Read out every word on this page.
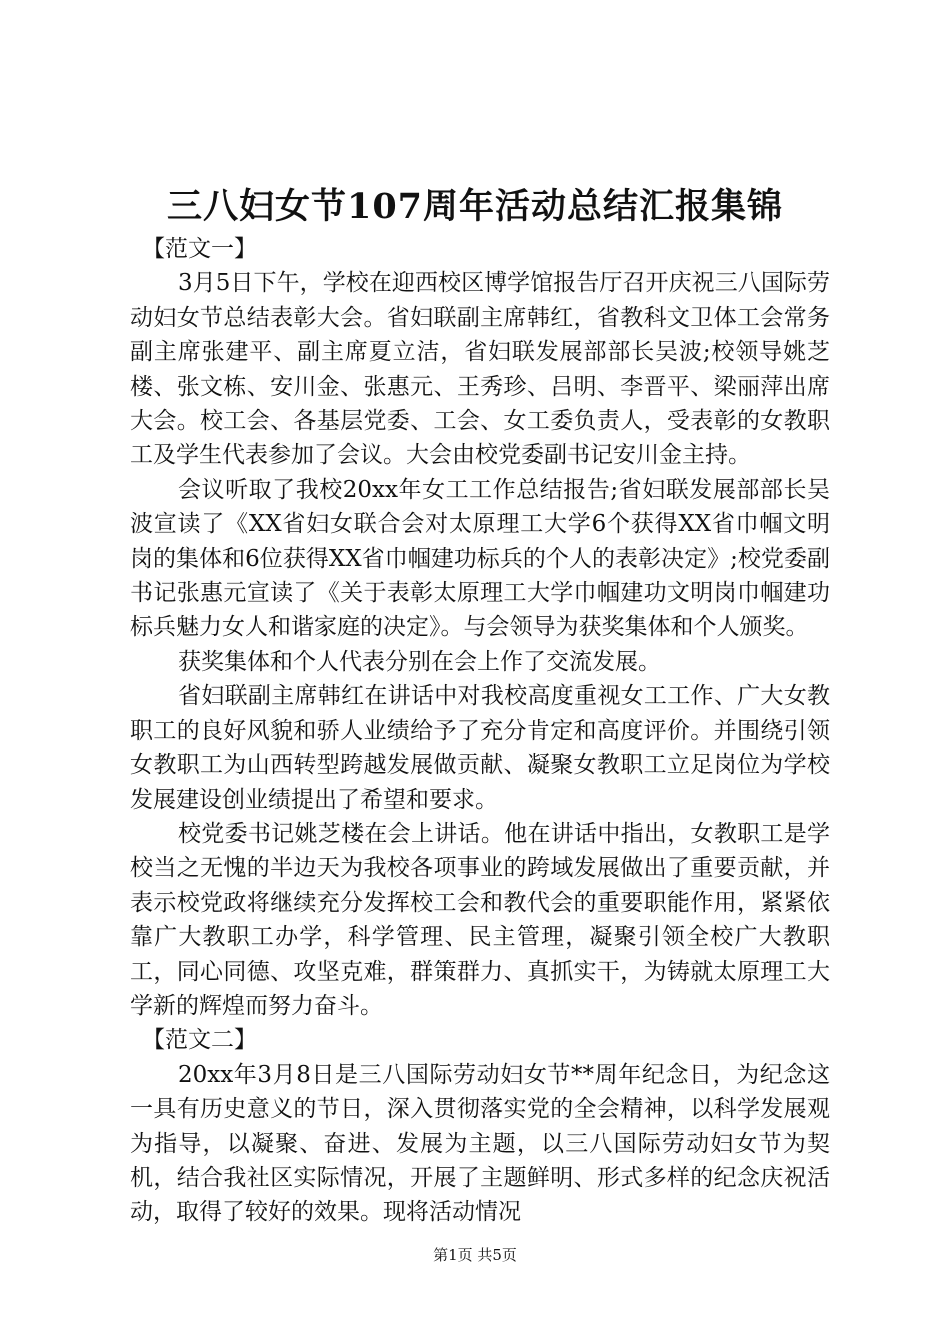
三八妇女节107周年活动总结汇报集锦

【范文一】

3月5日下午，学校在迎西校区博学馆报告厅召开庆祝三八国际劳动妇女节总结表彰大会。省妇联副主席韩红，省教科文卫体工会常务副主席张建平、副主席夏立洁，省妇联发展部部长吴波;校领导姚芝楼、张文栋、安川金、张惠元、王秀珍、吕明、李晋平、梁丽萍出席大会。校工会、各基层党委、工会、女工委负责人，受表彰的女教职工及学生代表参加了会议。大会由校党委副书记安川金主持。

会议听取了我校20xx年女工工作总结报告;省妇联发展部部长吴波宣读了《XX省妇女联合会对太原理工大学6个获得XX省巾帼文明岗的集体和6位获得XX省巾帼建功标兵的个人的表彰决定》;校党委副书记张惠元宣读了《关于表彰太原理工大学巾帼建功文明岗巾帼建功标兵魅力女人和谐家庭的决定》。与会领导为获奖集体和个人颁奖。

获奖集体和个人代表分别在会上作了交流发展。

省妇联副主席韩红在讲话中对我校高度重视女工工作、广大女教职工的良好风貌和骄人业绩给予了充分肯定和高度评价。并围绕引领女教职工为山西转型跨越发展做贡献、凝聚女教职工立足岗位为学校发展建设创业绩提出了希望和要求。

校党委书记姚芝楼在会上讲话。他在讲话中指出，女教职工是学校当之无愧的半边天为我校各项事业的跨域发展做出了重要贡献，并表示校党政将继续充分发挥校工会和教代会的重要职能作用，紧紧依靠广大教职工办学，科学管理、民主管理，凝聚引领全校广大教职工，同心同德、攻坚克难，群策群力、真抓实干，为铸就太原理工大学新的辉煌而努力奋斗。

【范文二】

20xx年3月8日是三八国际劳动妇女节**周年纪念日，为纪念这一具有历史意义的节日，深入贯彻落实党的全会精神，以科学发展观为指导，以凝聚、奋进、发展为主题，以三八国际劳动妇女节为契机，结合我社区实际情况，开展了主题鲜明、形式多样的纪念庆祝活动，取得了较好的效果。现将活动情况

第1页 共5页
